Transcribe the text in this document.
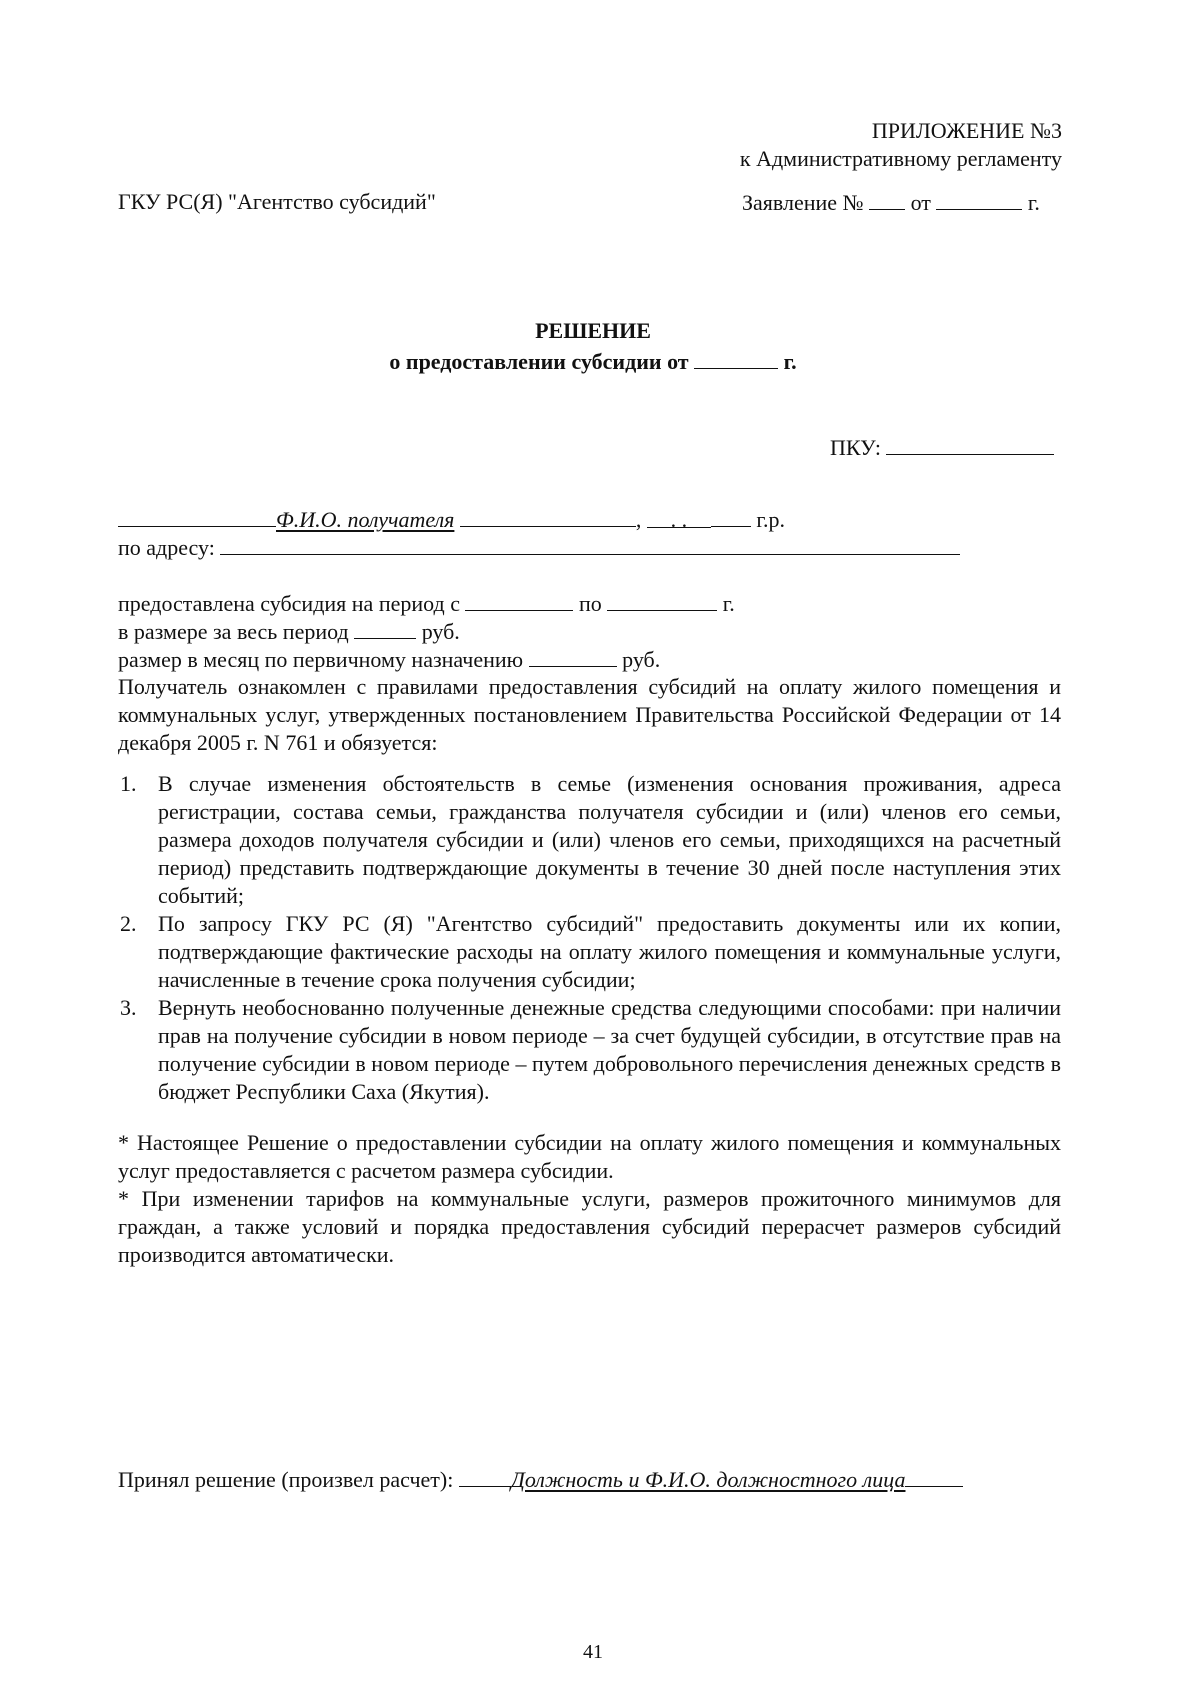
ПРИЛОЖЕНИЕ №3
к Административному регламенту
ГКУ РС(Я) "Агентство субсидий"	Заявление № от	г.
РЕШЕНИЕ
о предоставлении субсидии от	г.
ПКУ:
Ф.И.О. получателя	, . .	г.р.
по адресу:
предоставлена субсидия на период с	по	г.
в размере за весь период	руб.
размер в месяц по первичному назначению	руб.
Получатель ознакомлен с правилами предоставления субсидий на оплату жилого помещения и коммунальных услуг, утвержденных постановлением Правительства Российской Федерации от 14 декабря 2005 г. N 761 и обязуется:
1. В случае изменения обстоятельств в семье (изменения основания проживания, адреса регистрации, состава семьи, гражданства получателя субсидии и (или) членов его семьи, размера доходов получателя субсидии и (или) членов его семьи, приходящихся на расчетный период) представить подтверждающие документы в течение 30 дней после наступления этих событий;
2. По запросу ГКУ РС (Я) "Агентство субсидий" предоставить документы или их копии, подтверждающие фактические расходы на оплату жилого помещения и коммунальные услуги, начисленные в течение срока получения субсидии;
3. Вернуть необоснованно полученные денежные средства следующими способами: при наличии прав на получение субсидии в новом периоде – за счет будущей субсидии, в отсутствие прав на получение субсидии в новом периоде – путем добровольного перечисления денежных средств в бюджет Республики Саха (Якутия).
* Настоящее Решение о предоставлении субсидии на оплату жилого помещения и коммунальных услуг предоставляется с расчетом размера субсидии.
* При изменении тарифов на коммунальные услуги, размеров прожиточного минимумов для граждан, а также условий и порядка предоставления субсидий перерасчет размеров субсидий производится автоматически.
Принял решение (произвел расчет):	Должность и Ф.И.О. должностного лица
41
